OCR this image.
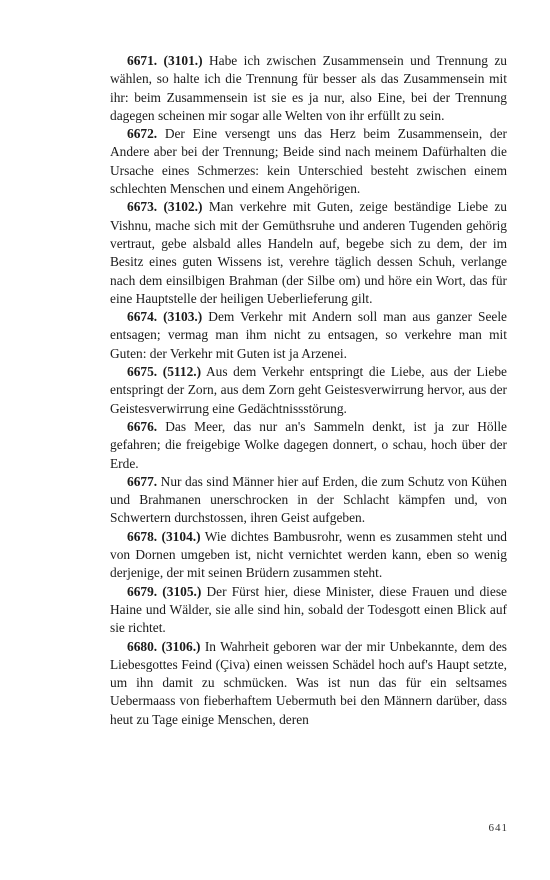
6671. (3101.) Habe ich zwischen Zusammensein und Trennung zu wählen, so halte ich die Trennung für besser als das Zusammensein mit ihr: beim Zusammensein ist sie es ja nur, also Eine, bei der Trennung dagegen scheinen mir sogar alle Welten von ihr erfüllt zu sein.

6672. Der Eine versengt uns das Herz beim Zusammensein, der Andere aber bei der Trennung; Beide sind nach meinem Dafürhalten die Ursache eines Schmerzes: kein Unterschied besteht zwischen einem schlechten Menschen und einem Angehörigen.

6673. (3102.) Man verkehre mit Guten, zeige beständige Liebe zu Vishnu, mache sich mit der Gemüthsruhe und anderen Tugenden gehörig vertraut, gebe alsbald alles Handeln auf, begebe sich zu dem, der im Besitz eines guten Wissens ist, verehre täglich dessen Schuh, verlange nach dem einsilbigen Brahman (der Silbe om) und höre ein Wort, das für eine Hauptstelle der heiligen Ueberlieferung gilt.

6674. (3103.) Dem Verkehr mit Andern soll man aus ganzer Seele entsagen; vermag man ihm nicht zu entsagen, so verkehre man mit Guten: der Verkehr mit Guten ist ja Arzenei.

6675. (5112.) Aus dem Verkehr entspringt die Liebe, aus der Liebe entspringt der Zorn, aus dem Zorn geht Geistesverwirrung hervor, aus der Geistesverwirrung eine Gedächtnissstörung.

6676. Das Meer, das nur an's Sammeln denkt, ist ja zur Hölle gefahren; die freigebige Wolke dagegen donnert, o schau, hoch über der Erde.

6677. Nur das sind Männer hier auf Erden, die zum Schutz von Kühen und Brahmanen unerschrocken in der Schlacht kämpfen und, von Schwertern durchstossen, ihren Geist aufgeben.

6678. (3104.) Wie dichtes Bambusrohr, wenn es zusammen steht und von Dornen umgeben ist, nicht vernichtet werden kann, eben so wenig derjenige, der mit seinen Brüdern zusammen steht.

6679. (3105.) Der Fürst hier, diese Minister, diese Frauen und diese Haine und Wälder, sie alle sind hin, sobald der Todesgott einen Blick auf sie richtet.

6680. (3106.) In Wahrheit geboren war der mir Unbekannte, dem des Liebesgottes Feind (Çiva) einen weissen Schädel hoch auf's Haupt setzte, um ihn damit zu schmücken. Was ist nun das für ein seltsames Uebermaass von fieberhaftem Uebermuth bei den Männern darüber, dass heut zu Tage einige Menschen, deren

641
